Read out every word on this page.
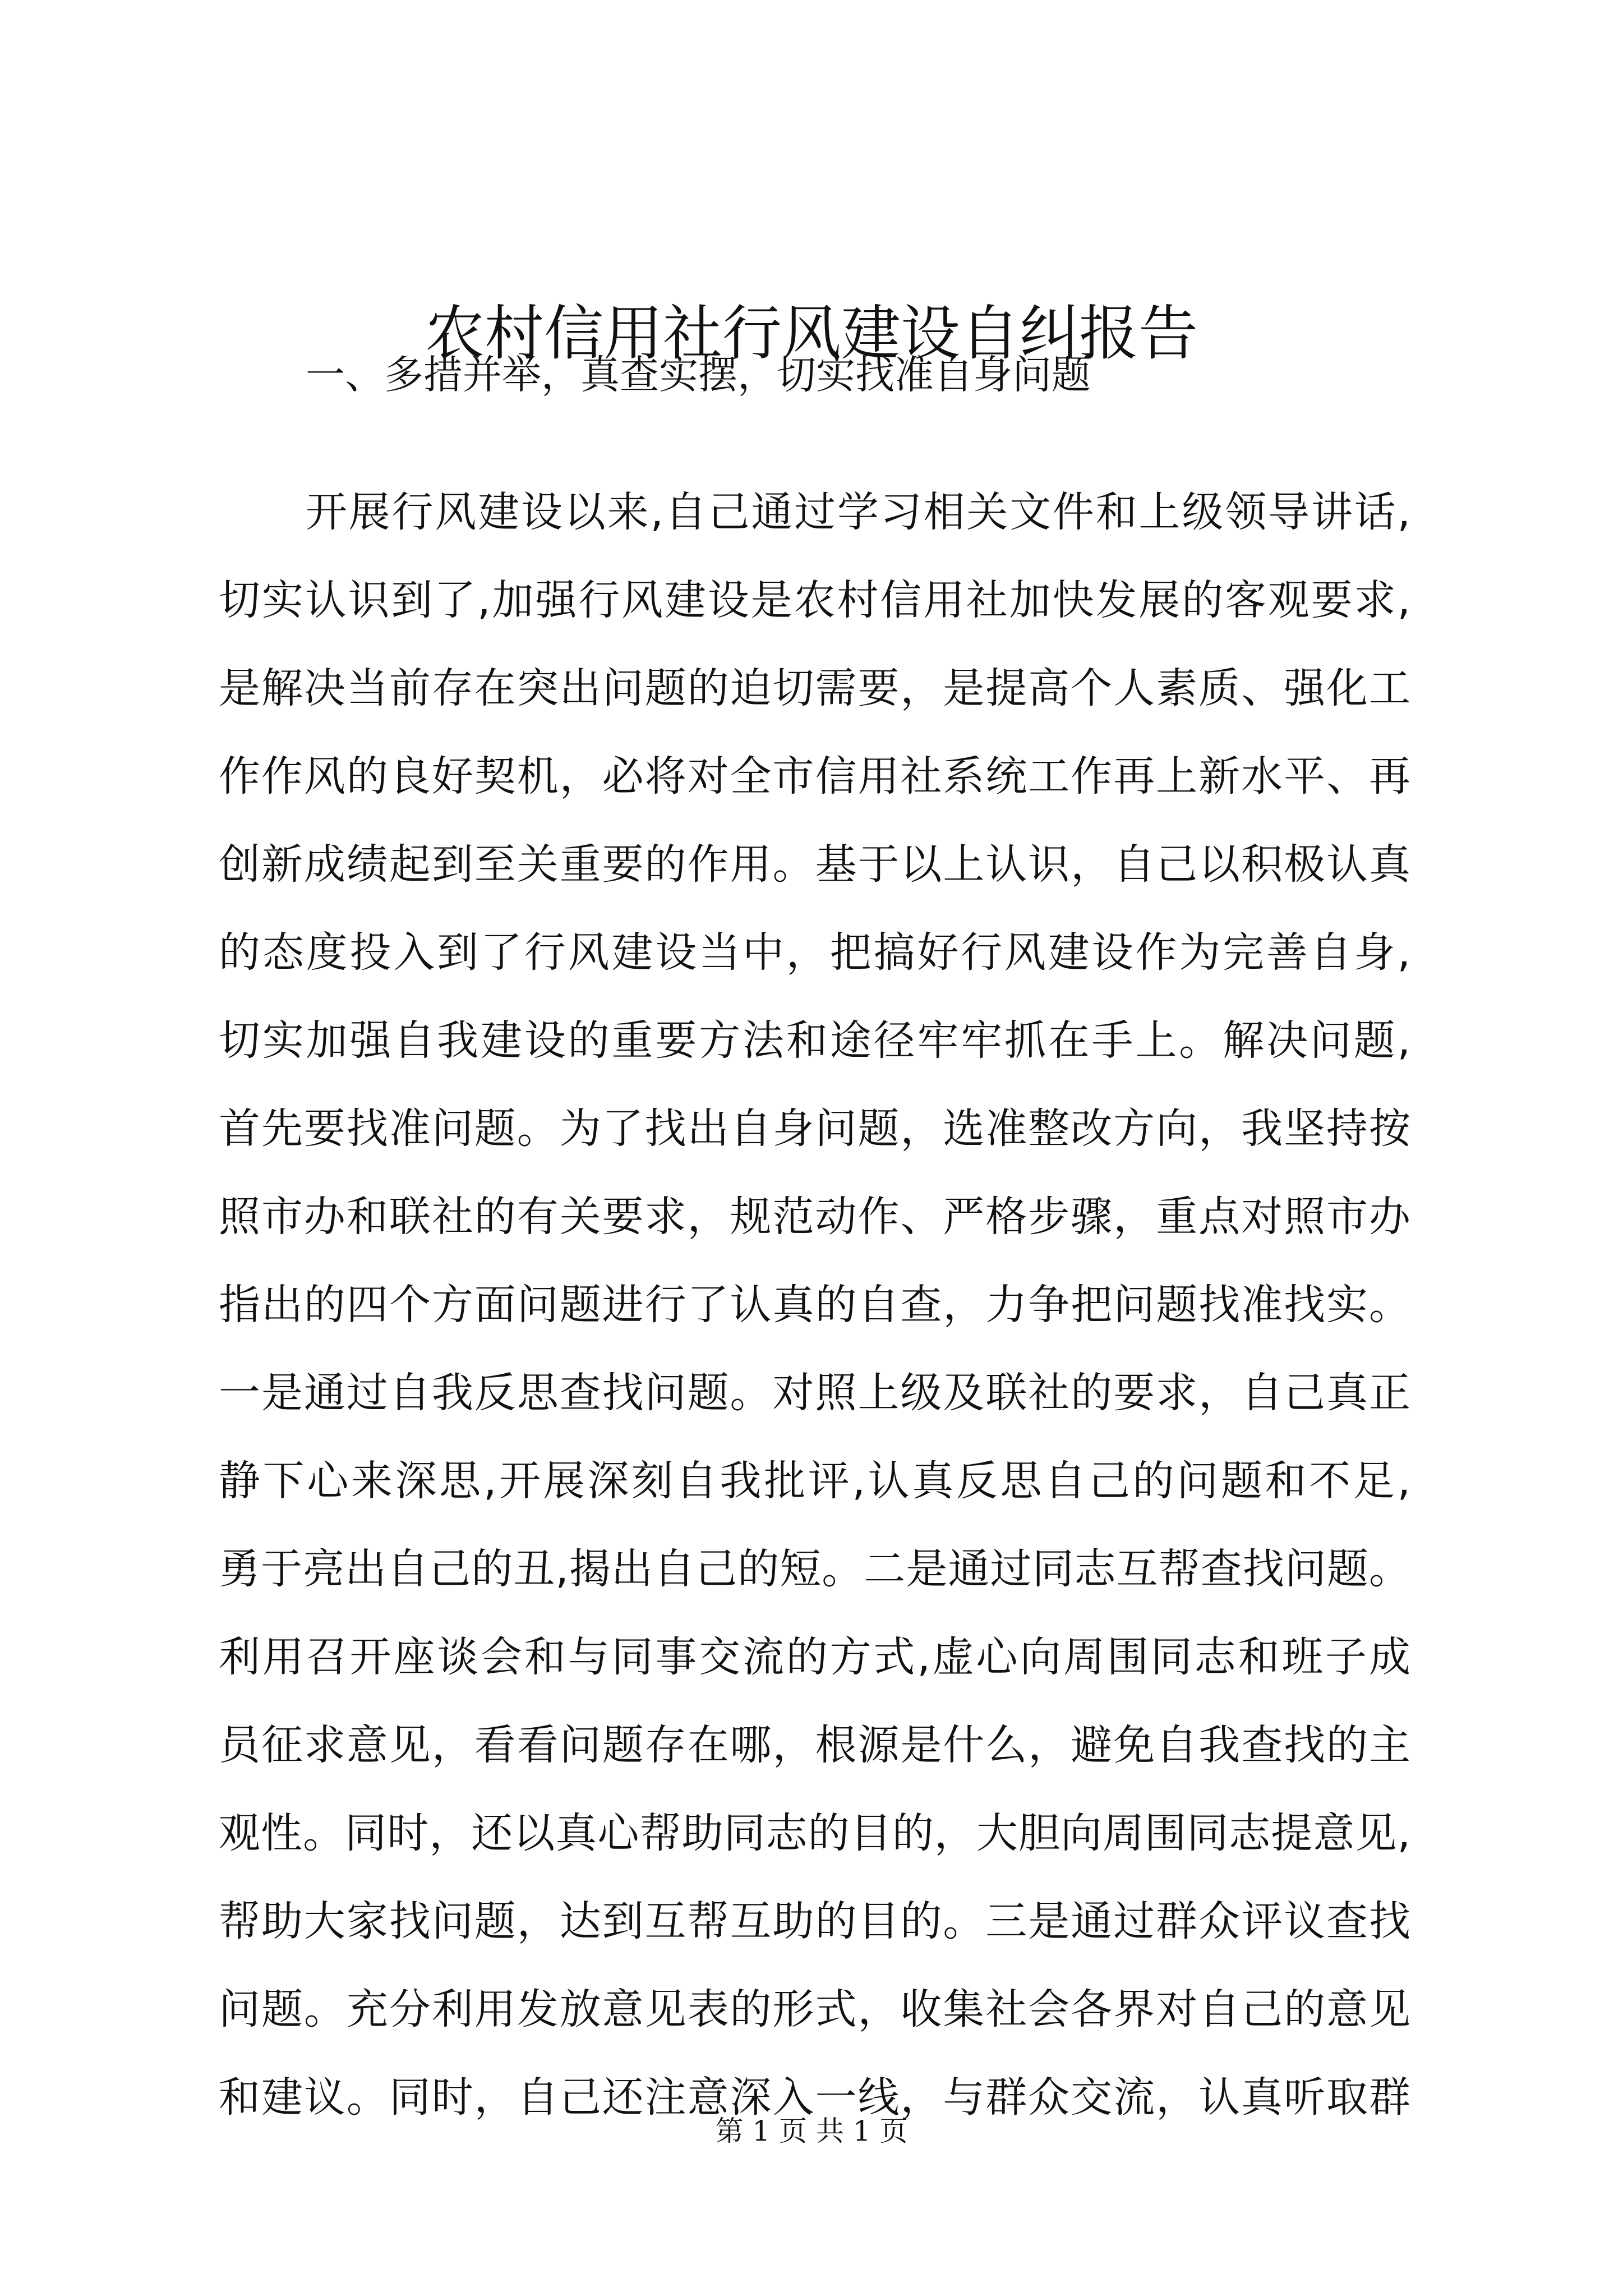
农村信用社行风建设自纠报告

一、多措并举，真查实摆，切实找准自身问题

开展行风建设以来,自己通过学习相关文件和上级领导讲话,
切实认识到了,加强行风建设是农村信用社加快发展的客观要求,
是解决当前存在突出问题的迫切需要，是提高个人素质、强化工
作作风的良好契机，必将对全市信用社系统工作再上新水平、再
创新成绩起到至关重要的作用。基于以上认识，自己以积极认真
的态度投入到了行风建设当中，把搞好行风建设作为完善自身,
切实加强自我建设的重要方法和途径牢牢抓在手上。解决问题,
首先要找准问题。为了找出自身问题，选准整改方向，我坚持按
照市办和联社的有关要求，规范动作、严格步骤，重点对照市办
指出的四个方面问题进行了认真的自查，力争把问题找准找实。
一是通过自我反思查找问题。对照上级及联社的要求，自己真正
静下心来深思,开展深刻自我批评,认真反思自己的问题和不足,
勇于亮出自己的丑,揭出自己的短。二是通过同志互帮查找问题。
利用召开座谈会和与同事交流的方式,虚心向周围同志和班子成
员征求意见，看看问题存在哪，根源是什么，避免自我查找的主
观性。同时，还以真心帮助同志的目的，大胆向周围同志提意见,
帮助大家找问题，达到互帮互助的目的。三是通过群众评议查找
问题。充分利用发放意见表的形式，收集社会各界对自己的意见
和建议。同时，自己还注意深入一线，与群众交流，认真听取群

第 1 页 共 1 页
